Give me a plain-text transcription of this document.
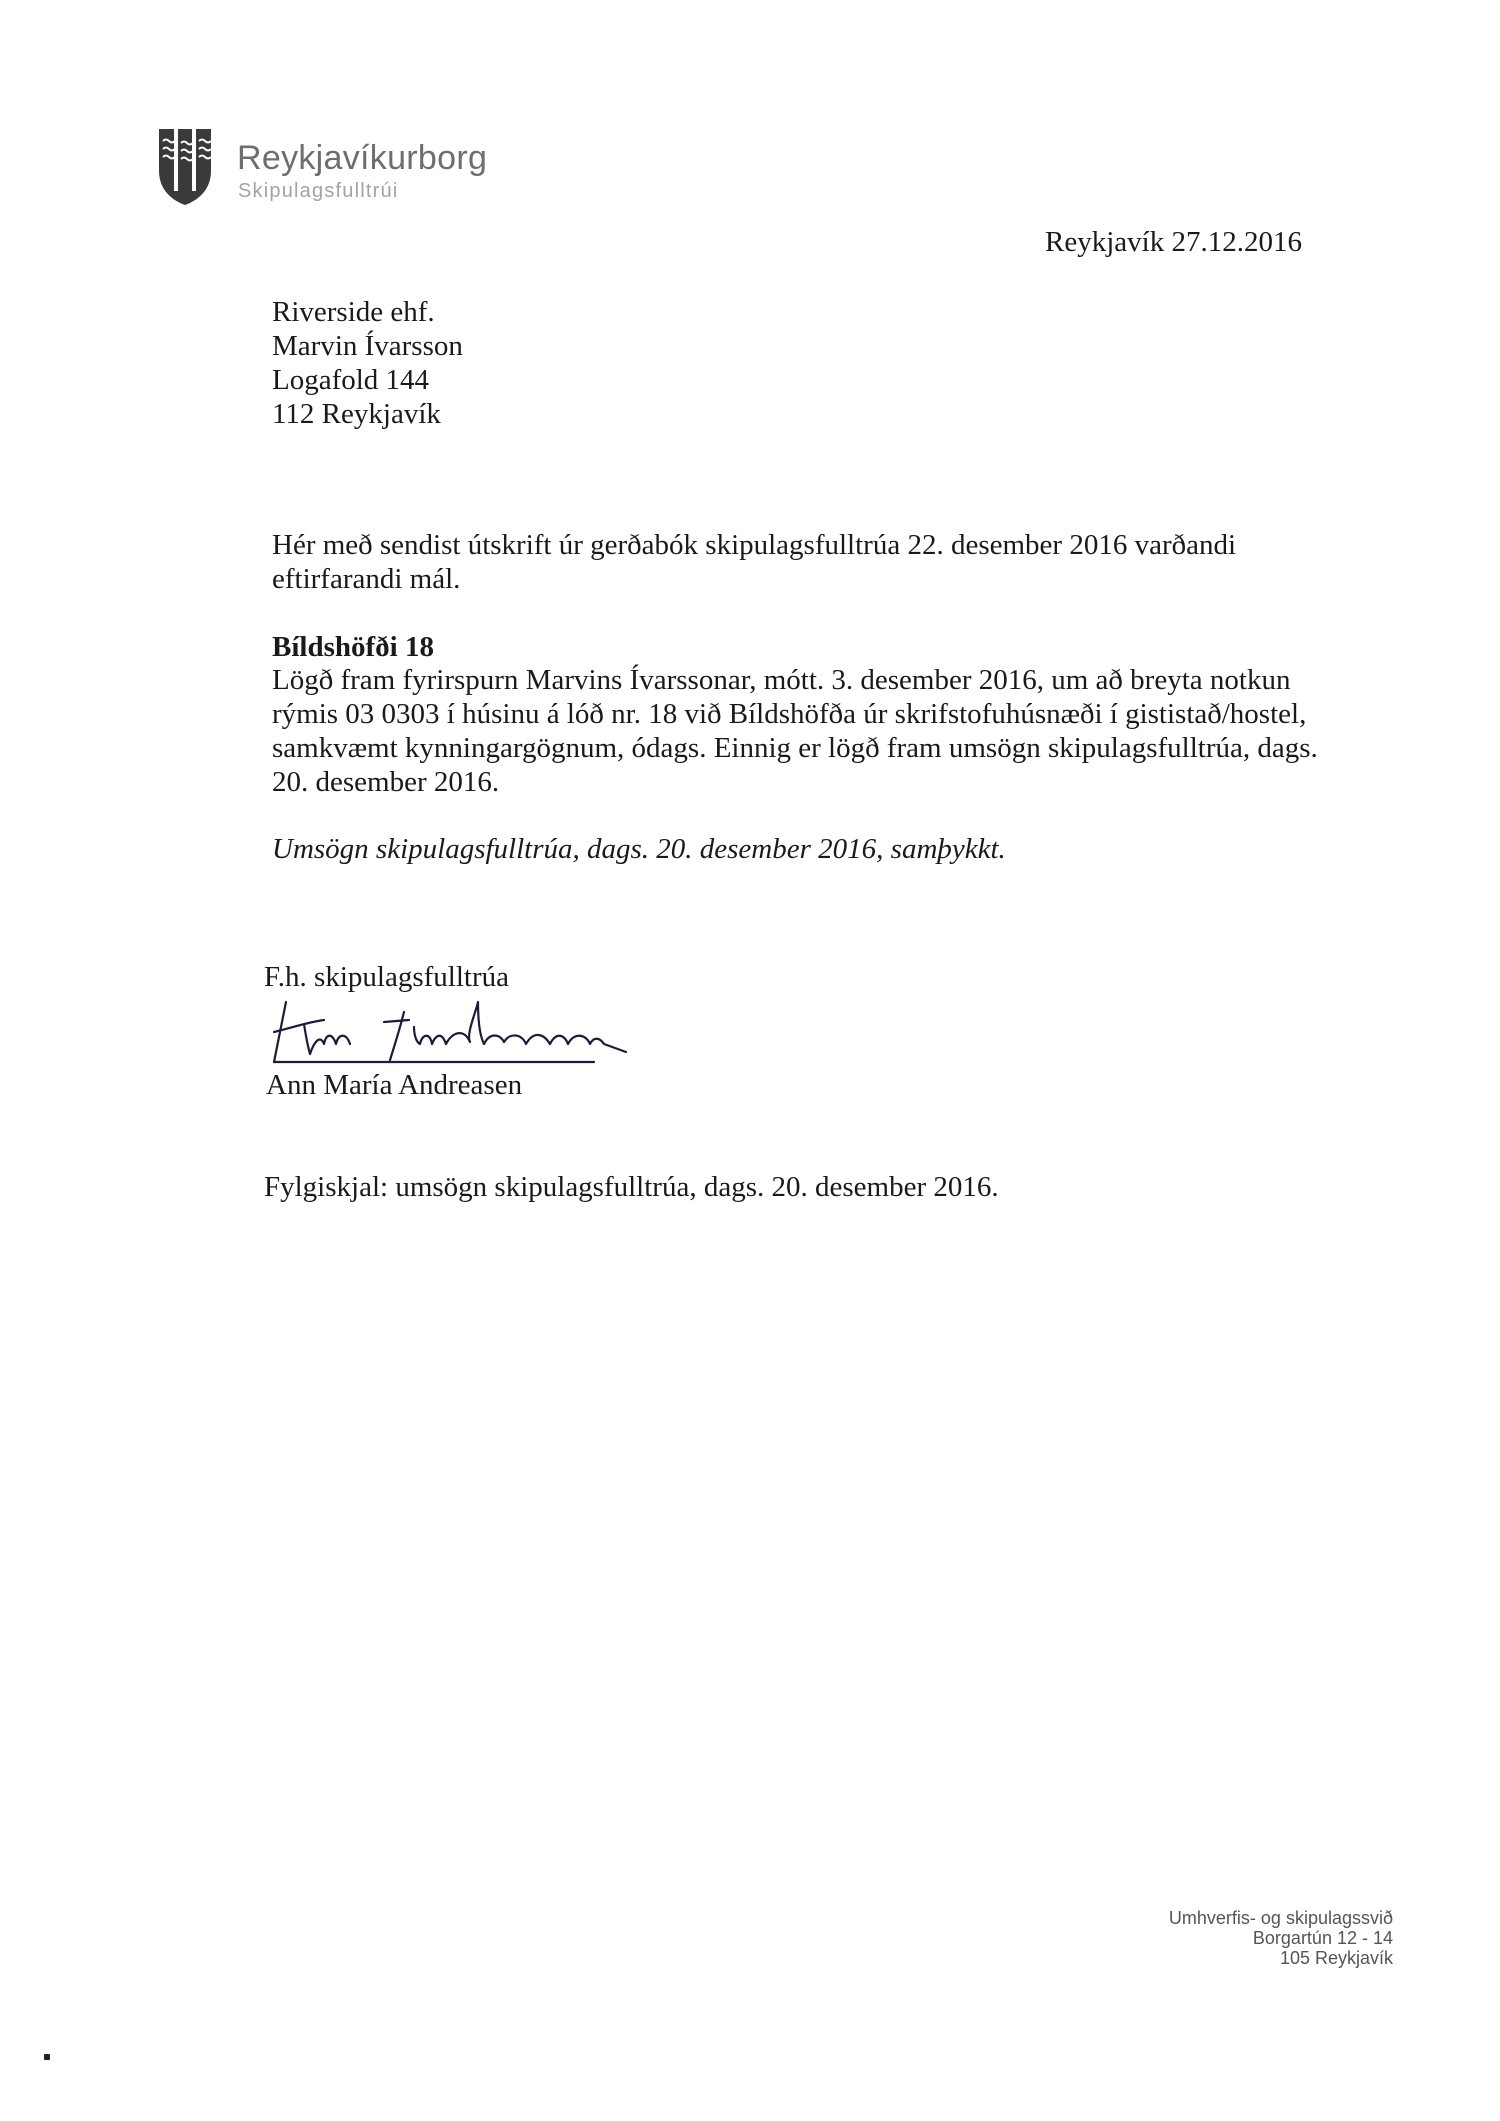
Reykjavíkurborg
Skipulagsfulltrúi
Reykjavík 27.12.2016
Riverside ehf.
Marvin Ívarsson
Logafold 144
112 Reykjavík
Hér með sendist útskrift úr gerðabók skipulagsfulltrúa 22. desember 2016 varðandi
eftirfarandi mál.
Bíldshöfði 18
Lögð fram fyrirspurn Marvins Ívarssonar, mótt. 3. desember 2016, um að breyta notkun
rýmis 03 0303 í húsinu á lóð nr. 18 við Bíldshöfða úr skrifstofuhúsnæði í gististað/hostel,
samkvæmt kynningargögnum, ódags. Einnig er lögð fram umsögn skipulagsfulltrúa, dags.
20. desember 2016.
Umsögn skipulagsfulltrúa, dags. 20. desember 2016, samþykkt.
F.h. skipulagsfulltrúa
Ann María Andreasen
Fylgiskjal: umsögn skipulagsfulltrúa, dags. 20. desember 2016.
Umhverfis- og skipulagssvið
Borgartún 12 - 14
105 Reykjavík
